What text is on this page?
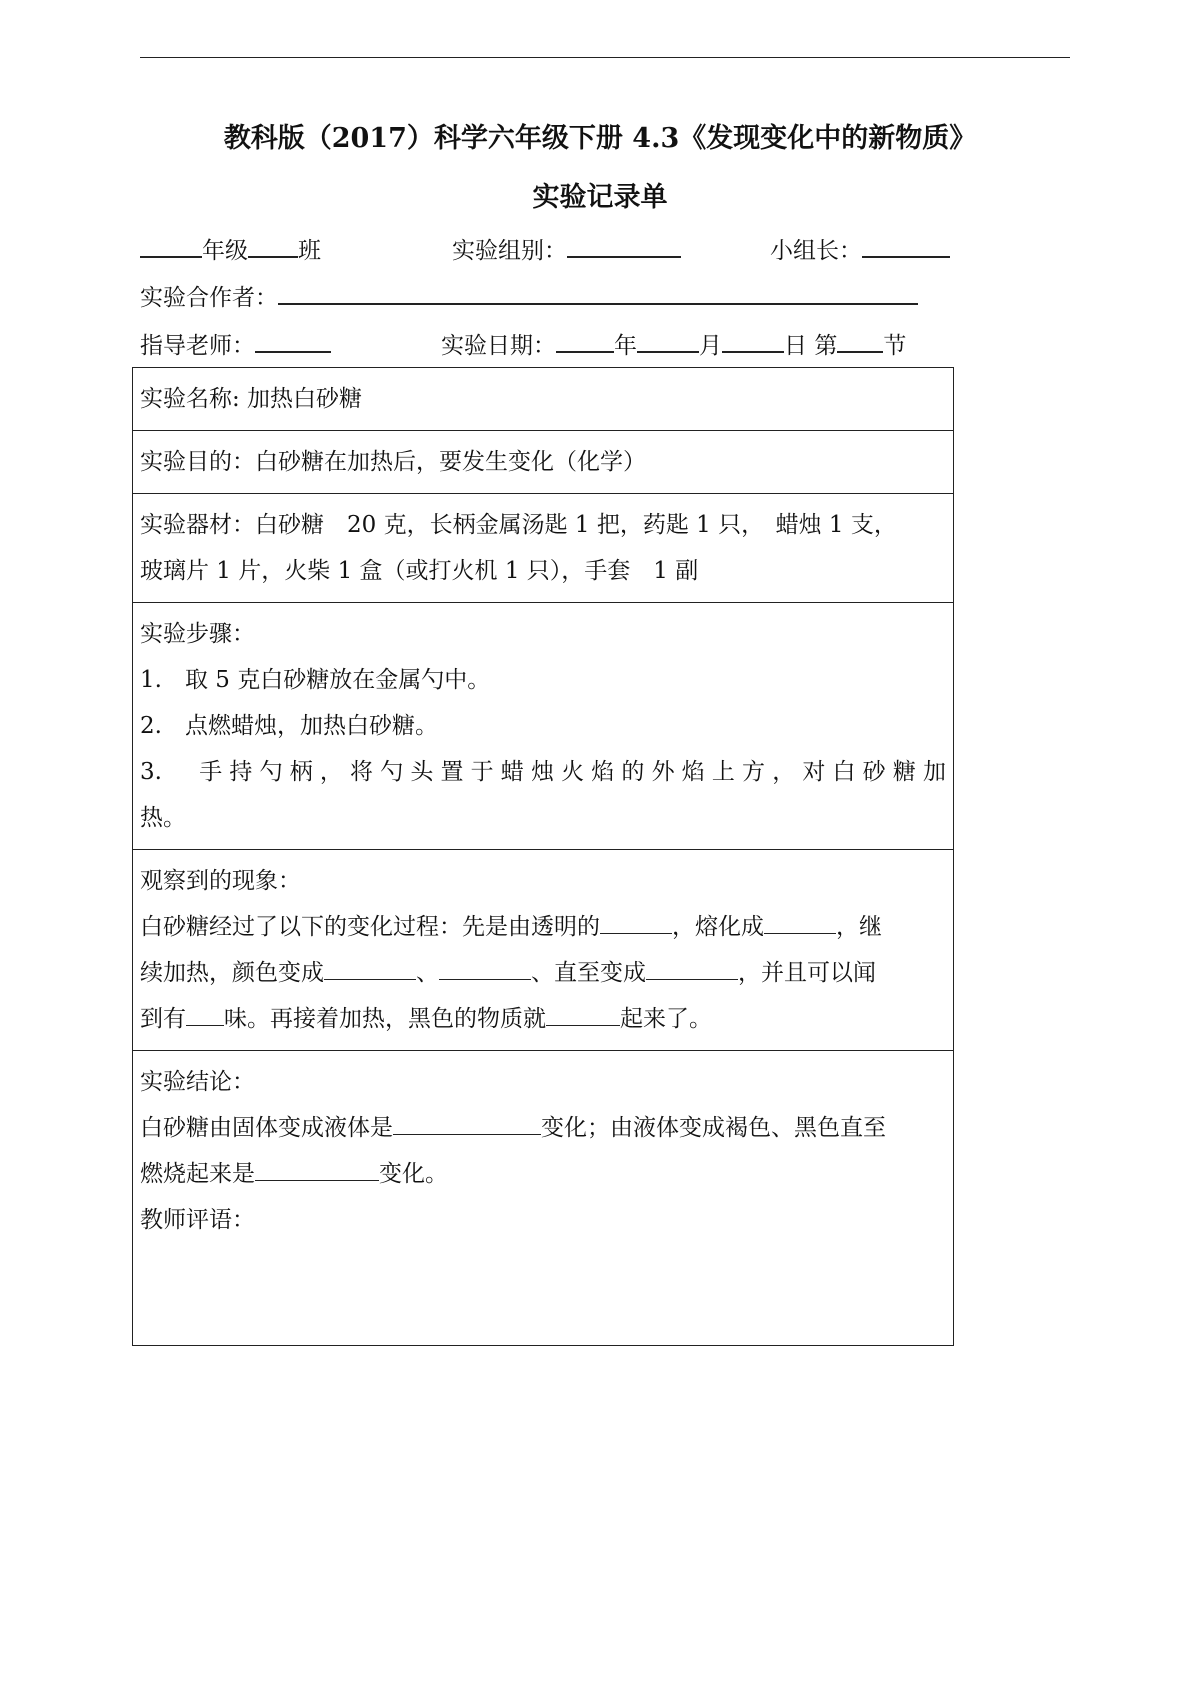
教科版（2017）科学六年级下册 4.3《发现变化中的新物质》
实验记录单
年级 班	实验组别：	小组长：
实验合作者：
指导老师：	实验日期：	年	月	日 第 节
实验名称: 加热白砂糖

实验目的：白砂糖在加热后，要发生变化（化学）

实验器材：白砂糖　20 克，长柄金属汤匙 1 把，药匙 1 只，　蜡烛 1 支，
玻璃片 1 片，火柴 1 盒（或打火机 1 只），手套　1 副

实验步骤：
1.　取 5 克白砂糖放在金属勺中。
2.　点燃蜡烛，加热白砂糖。
3.　手持勺柄，将勺头置于蜡烛火焰的外焰上方，对白砂糖加
热。

观察到的现象：
白砂糖经过了以下的变化过程：先是由透明的	，熔化成	，继
续加热，颜色变成	、	、直至变成	，并且可以闻
到有 味。再接着加热，黑色的物质就	起来了。

实验结论：
白砂糖由固体变成液体是	变化；由液体变成褐色、黑色直至
燃烧起来是	变化。
教师评语：
